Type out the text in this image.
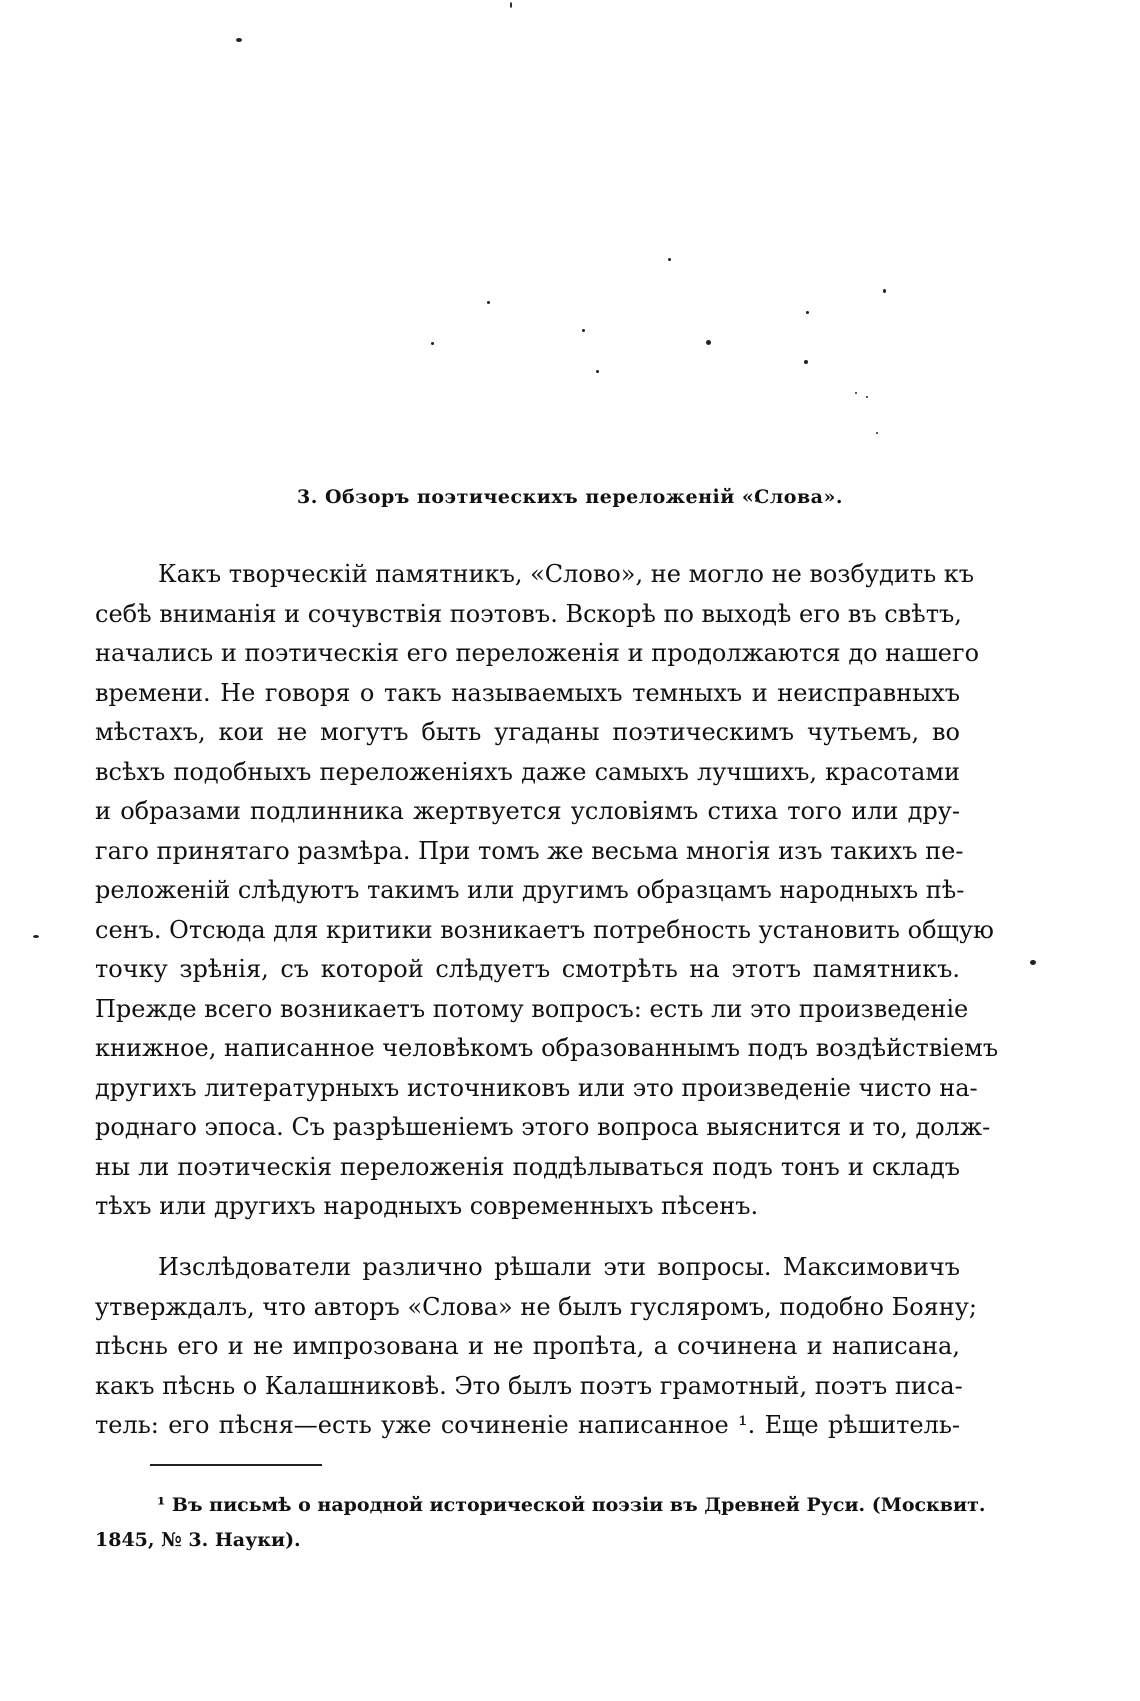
3. Обзоръ поэтическихъ переложенiй «Слова».
Какъ творческiй памятникъ, «Слово», не могло не возбудить къ
себѣ вниманiя и сочувствiя поэтовъ. Вскорѣ по выходѣ его въ свѣтъ,
начались и поэтическiя его переложенiя и продолжаются до нашего
времени. Не говоря о такъ называемыхъ темныхъ и неисправныхъ
мѣстахъ, кои не могутъ быть угаданы поэтическимъ чутьемъ, во
всѣхъ подобныхъ переложенiяхъ даже самыхъ лучшихъ, красотами
и образами подлинника жертвуется условiямъ стиха того или дру-
гаго принятаго размѣра. При томъ же весьма многiя изъ такихъ пе-
реложенiй слѣдуютъ такимъ или другимъ образцамъ народныхъ пѣ-
сенъ. Отсюда для критики возникаетъ потребность установить общую
точку зрѣнiя, съ которой слѣдуетъ смотрѣть на этотъ памятникъ.
Прежде всего возникаетъ потому вопросъ: есть ли это произведенiе
книжное, написанное человѣкомъ образованнымъ подъ воздѣйствiемъ
другихъ литературныхъ источниковъ или это произведенiе чисто на-
роднаго эпоса. Съ разрѣшенiемъ этого вопроса выяснится и то, долж-
ны ли поэтическiя переложенiя поддѣлываться подъ тонъ и складъ
тѣхъ или другихъ народныхъ современныхъ пѣсенъ.
Изслѣдователи различно рѣшали эти вопросы. Максимовичъ
утверждалъ, что авторъ «Слова» не былъ гусляромъ, подобно Бояну;
пѣснь его и не импрозована и не пропѣта, а сочинена и написана,
какъ пѣснь о Калашниковѣ. Это былъ поэтъ грамотный, поэтъ писа-
тель: его пѣсня—есть уже сочиненiе написанное ¹. Еще рѣшитель-
¹ Въ письмѣ о народной исторической поэзiи въ Древней Руси. (Москвит.
1845, № 3. Науки).
